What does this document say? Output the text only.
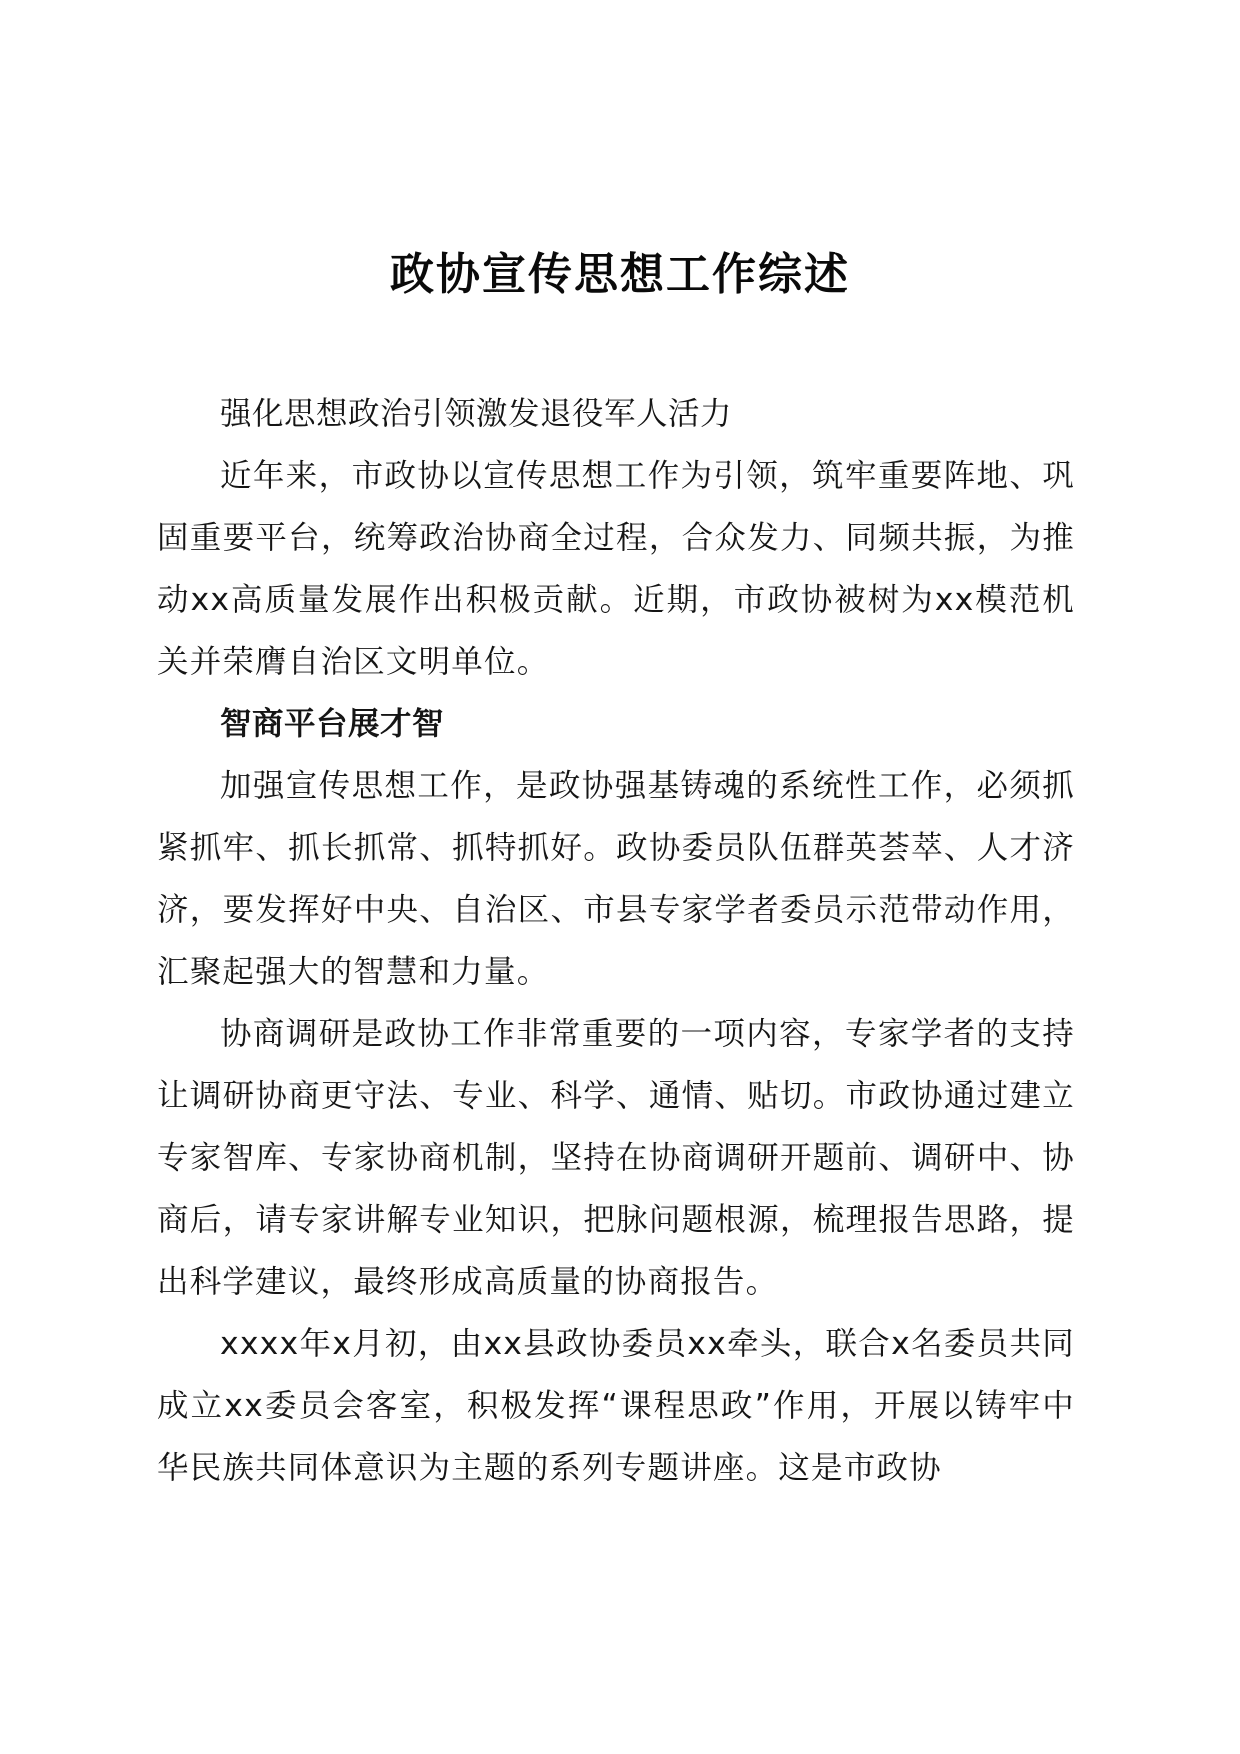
政协宣传思想工作综述

强化思想政治引领激发退役军人活力

近年来，市政协以宣传思想工作为引领，筑牢重要阵地、巩固重要平台，统筹政治协商全过程，合众发力、同频共振，为推动xx高质量发展作出积极贡献。近期，市政协被树为xx模范机关并荣膺自治区文明单位。

智商平台展才智

加强宣传思想工作，是政协强基铸魂的系统性工作，必须抓紧抓牢、抓长抓常、抓特抓好。政协委员队伍群英荟萃、人才济济，要发挥好中央、自治区、市县专家学者委员示范带动作用，汇聚起强大的智慧和力量。

协商调研是政协工作非常重要的一项内容，专家学者的支持让调研协商更守法、专业、科学、通情、贴切。市政协通过建立专家智库、专家协商机制，坚持在协商调研开题前、调研中、协商后，请专家讲解专业知识，把脉问题根源，梳理报告思路，提出科学建议，最终形成高质量的协商报告。

xxxx年x月初，由xx县政协委员xx牵头，联合x名委员共同成立xx委员会客室，积极发挥“课程思政”作用，开展以铸牢中华民族共同体意识为主题的系列专题讲座。这是市政协
